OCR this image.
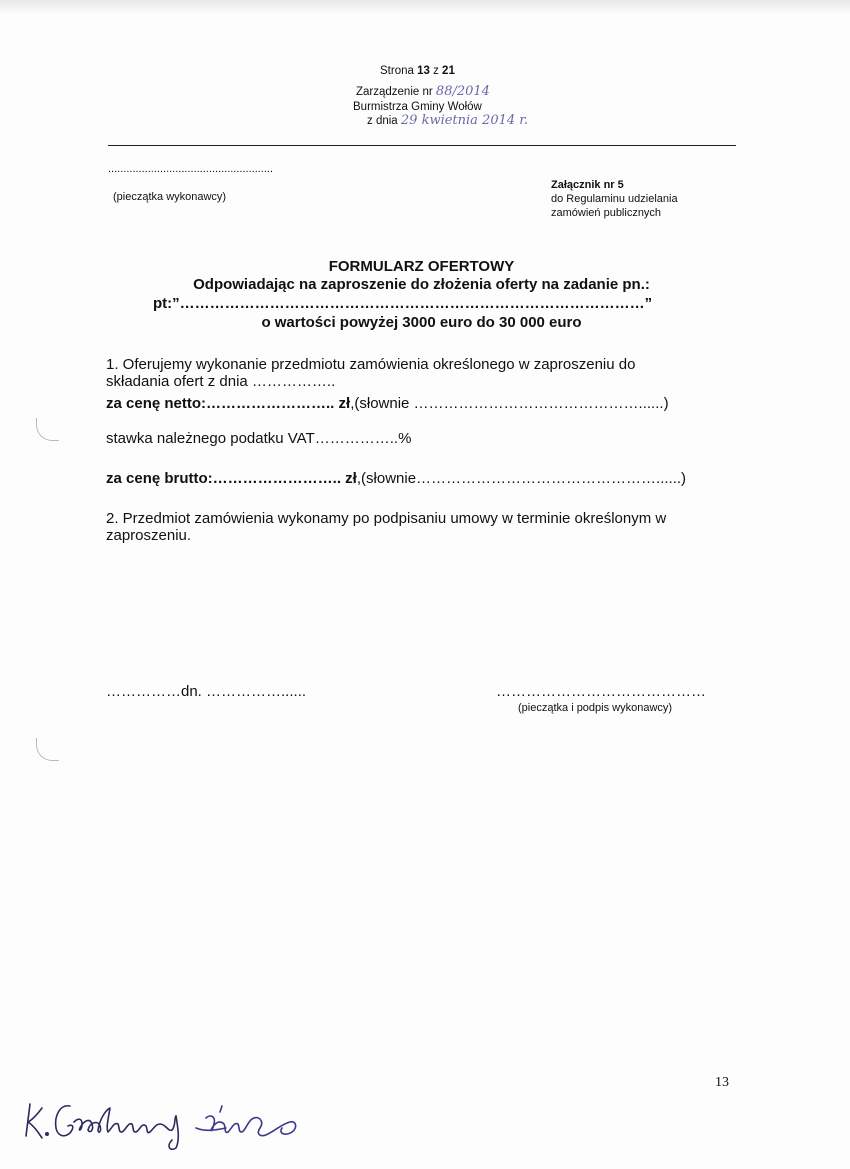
Strona 13 z 21
Zarządzenie nr 88/2014
Burmistrza Gminy Wołów
z dnia 29 kwietnia 2014 r.
......................................................
(pieczątka wykonawcy)
Załącznik nr 5
do Regulaminu udzielania
zamówień publicznych
FORMULARZ OFERTOWY
Odpowiadając na zaproszenie do złożenia oferty na zadanie pn.:
pt:”…………………………………………………………………………………”
o wartości powyżej 3000 euro do 30 000 euro
1. Oferujemy wykonanie przedmiotu zamówienia określonego w zaproszeniu do
składania ofert z dnia ……………..
za cenę netto:…………………….. zł,(słownie ………………………………………......)
stawka należnego podatku VAT……………..%
za cenę brutto:…………………….. zł,(słownie…………………………………………......)
2. Przedmiot zamówienia wykonamy po podpisaniu umowy w terminie określonym w
zaproszeniu.
……………dn. ……………......	……………………………………
(pieczątka i podpis wykonawcy)
13
